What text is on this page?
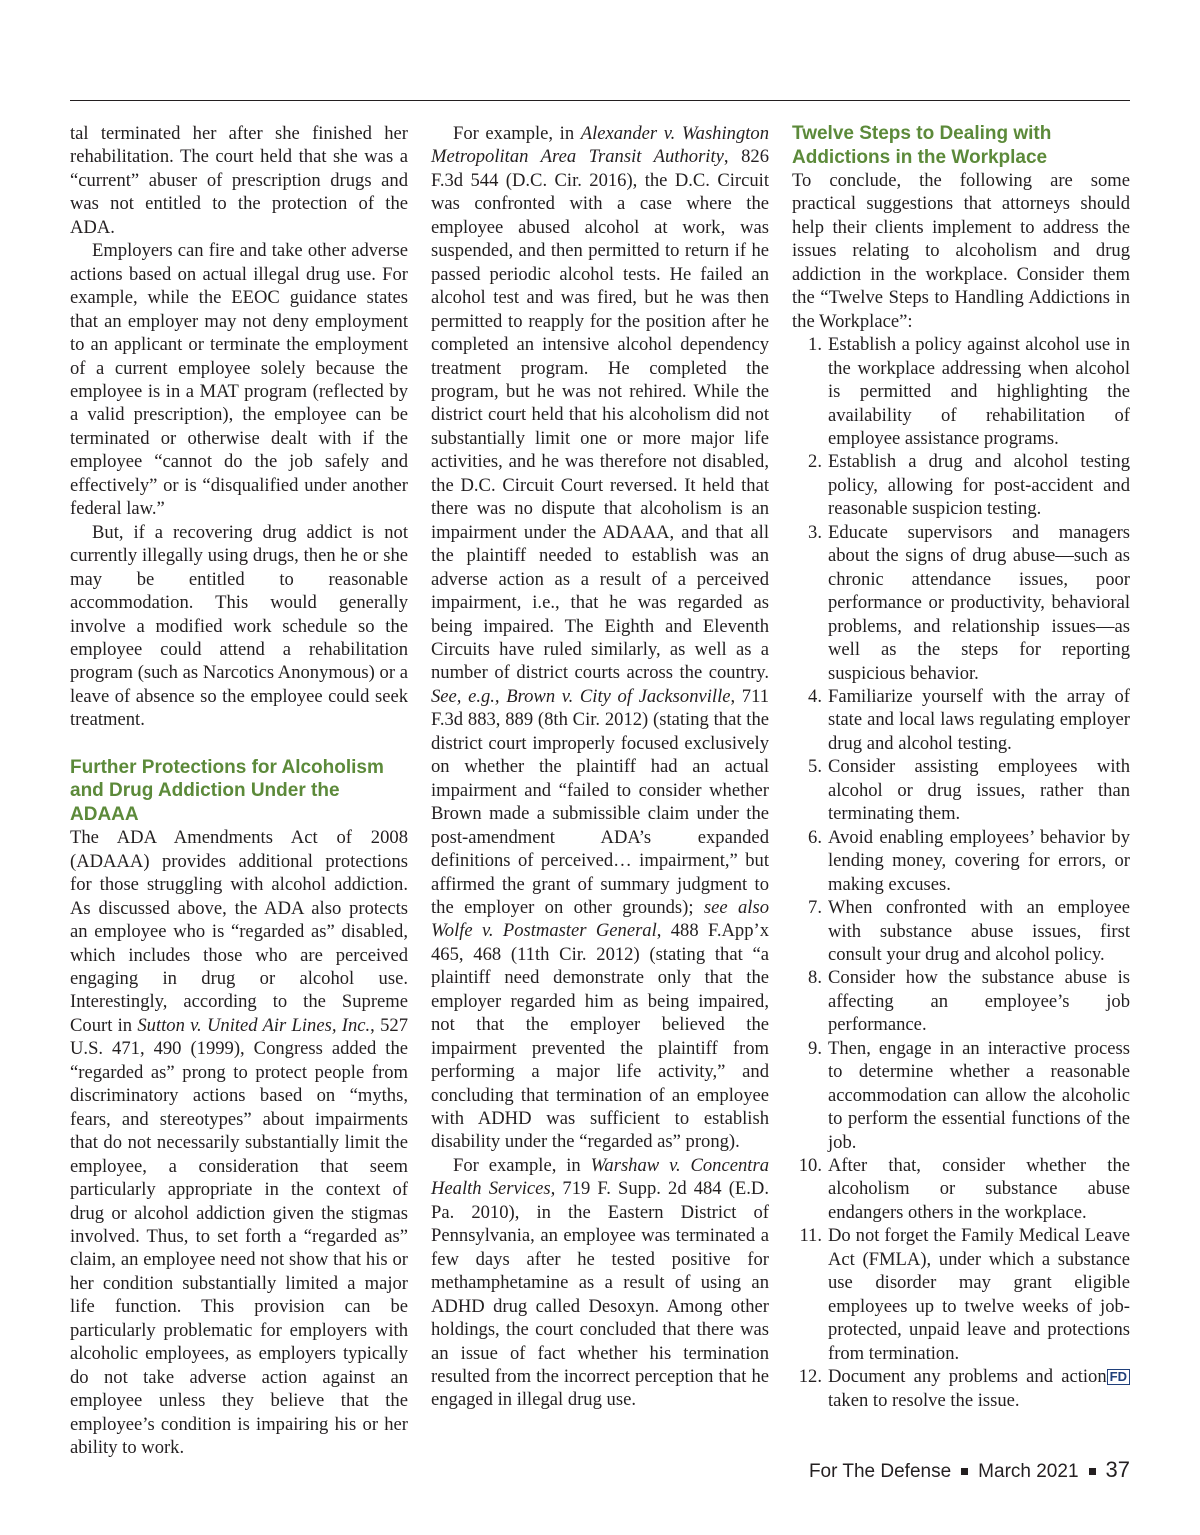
tal terminated her after she finished her rehabilitation. The court held that she was a “current” abuser of prescription drugs and was not entitled to the protection of the ADA.

Employers can fire and take other adverse actions based on actual illegal drug use. For example, while the EEOC guidance states that an employer may not deny employment to an applicant or terminate the employment of a current employee solely because the employee is in a MAT program (reflected by a valid prescription), the employee can be terminated or otherwise dealt with if the employee “cannot do the job safely and effectively” or is “disqualified under another federal law.”

But, if a recovering drug addict is not currently illegally using drugs, then he or she may be entitled to reasonable accommodation. This would generally involve a modified work schedule so the employee could attend a rehabilitation program (such as Narcotics Anonymous) or a leave of absence so the employee could seek treatment.

Further Protections for Alcoholism and Drug Addiction Under the ADAAA

The ADA Amendments Act of 2008 (ADAAA) provides additional protections for those struggling with alcohol addiction. As discussed above, the ADA also protects an employee who is “regarded as” disabled, which includes those who are perceived engaging in drug or alcohol use. Interestingly, according to the Supreme Court in Sutton v. United Air Lines, Inc., 527 U.S. 471, 490 (1999), Congress added the “regarded as” prong to protect people from discriminatory actions based on “myths, fears, and stereotypes” about impairments that do not necessarily substantially limit the employee, a consideration that seem particularly appropriate in the context of drug or alcohol addiction given the stigmas involved. Thus, to set forth a “regarded as” claim, an employee need not show that his or her condition substantially limited a major life function. This provision can be particularly problematic for employers with alcoholic employees, as employers typically do not take adverse action against an employee unless they believe that the employee’s condition is impairing his or her ability to work.

For example, in Alexander v. Washington Metropolitan Area Transit Authority, 826 F.3d 544 (D.C. Cir. 2016), the D.C. Circuit was confronted with a case where the employee abused alcohol at work, was suspended, and then permitted to return if he passed periodic alcohol tests. He failed an alcohol test and was fired, but he was then permitted to reapply for the position after he completed an intensive alcohol dependency treatment program. He completed the program, but he was not rehired. While the district court held that his alcoholism did not substantially limit one or more major life activities, and he was therefore not disabled, the D.C. Circuit Court reversed. It held that there was no dispute that alcoholism is an impairment under the ADAAA, and that all the plaintiff needed to establish was an adverse action as a result of a perceived impairment, i.e., that he was regarded as being impaired. The Eighth and Eleventh Circuits have ruled similarly, as well as a number of district courts across the country. See, e.g., Brown v. City of Jacksonville, 711 F.3d 883, 889 (8th Cir. 2012) (stating that the district court improperly focused exclusively on whether the plaintiff had an actual impairment and “failed to consider whether Brown made a submissible claim under the post-amendment ADA’s expanded definitions of perceived… impairment,” but affirmed the grant of summary judgment to the employer on other grounds); see also Wolfe v. Postmaster General, 488 F.App’x 465, 468 (11th Cir. 2012) (stating that “a plaintiff need demonstrate only that the employer regarded him as being impaired, not that the employer believed the impairment prevented the plaintiff from performing a major life activity,” and concluding that termination of an employee with ADHD was sufficient to establish disability under the “regarded as” prong).

For example, in Warshaw v. Concentra Health Services, 719 F. Supp. 2d 484 (E.D. Pa. 2010), in the Eastern District of Pennsylvania, an employee was terminated a few days after he tested positive for methamphetamine as a result of using an ADHD drug called Desoxyn. Among other holdings, the court concluded that there was an issue of fact whether his termination resulted from the incorrect perception that he engaged in illegal drug use.

Twelve Steps to Dealing with Addictions in the Workplace

To conclude, the following are some practical suggestions that attorneys should help their clients implement to address the issues relating to alcoholism and drug addiction in the workplace. Consider them the “Twelve Steps to Handling Addictions in the Workplace”:

1. Establish a policy against alcohol use in the workplace addressing when alcohol is permitted and highlighting the availability of rehabilitation of employee assistance programs.
2. Establish a drug and alcohol testing policy, allowing for post-accident and reasonable suspicion testing.
3. Educate supervisors and managers about the signs of drug abuse—such as chronic attendance issues, poor performance or productivity, behavioral problems, and relationship issues—as well as the steps for reporting suspicious behavior.
4. Familiarize yourself with the array of state and local laws regulating employer drug and alcohol testing.
5. Consider assisting employees with alcohol or drug issues, rather than terminating them.
6. Avoid enabling employees’ behavior by lending money, covering for errors, or making excuses.
7. When confronted with an employee with substance abuse issues, first consult your drug and alcohol policy.
8. Consider how the substance abuse is affecting an employee’s job performance.
9. Then, engage in an interactive process to determine whether a reasonable accommodation can allow the alcoholic to perform the essential functions of the job.
10. After that, consider whether the alcoholism or substance abuse endangers others in the workplace.
11. Do not forget the Family Medical Leave Act (FMLA), under which a substance use disorder may grant eligible employees up to twelve weeks of job-protected, unpaid leave and protections from termination.
12.	FD
Document any problems and action taken to resolve the issue.
For The Defense March 2021 37
